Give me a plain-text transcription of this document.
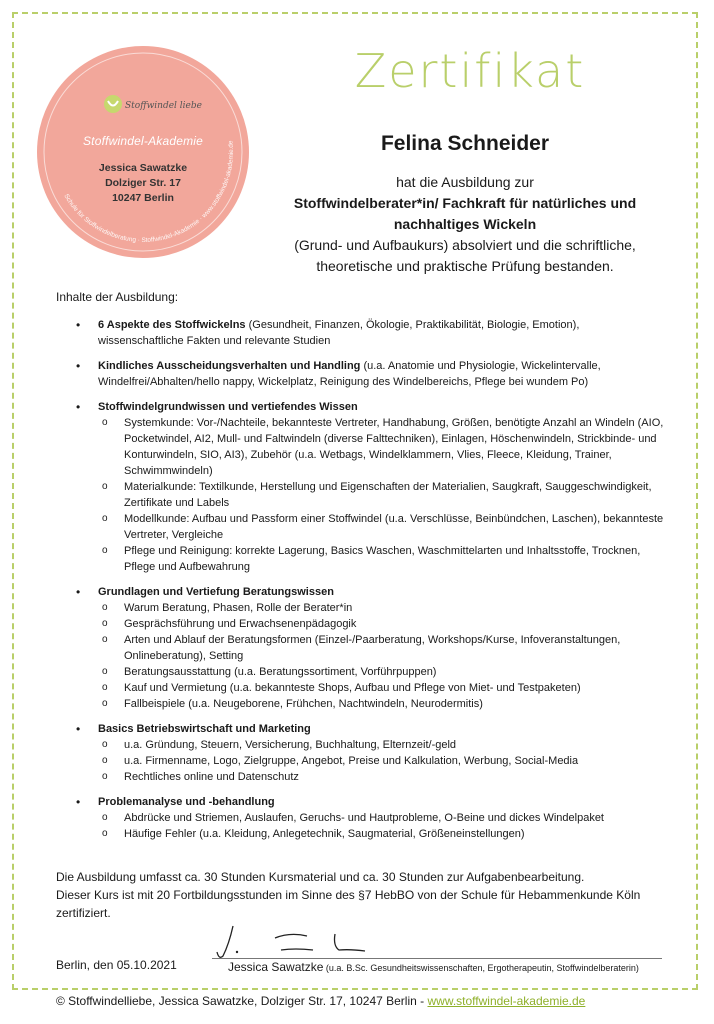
Schule für Stoffwindelberatung · Stoffwindel-Akademie · www.stoffwindel-akademie.de
Stoffwindel liebe
Stoffwindel-Akademie
Jessica Sawatzke
Dolziger Str. 17
10247 Berlin
Zertifikat
Felina Schneider
hat die Ausbildung zur
Stoffwindelberater*in/ Fachkraft für natürliches und nachhaltiges Wickeln
(Grund- und Aufbaukurs) absolviert und die schriftliche, theoretische und praktische Prüfung bestanden.
Inhalte der Ausbildung:
• 6 Aspekte des Stoffwickelns (Gesundheit, Finanzen, Ökologie, Praktikabilität, Biologie, Emotion), wissenschaftliche Fakten und relevante Studien
• Kindliches Ausscheidungsverhalten und Handling (u.a. Anatomie und Physiologie, Wickelintervalle, Windelfrei/Abhalten/hello nappy, Wickelplatz, Reinigung des Windelbereichs, Pflege bei wundem Po)
• Stoffwindelgrundwissen und vertiefendes Wissen
o Systemkunde: Vor-/Nachteile, bekannteste Vertreter, Handhabung, Größen, benötigte Anzahl an Windeln (AIO, Pocketwindel, AI2, Mull- und Faltwindeln (diverse Falttechniken), Einlagen, Höschenwindeln, Strickbinde- und Konturwindeln, SIO, AI3), Zubehör (u.a. Wetbags, Windelklammern, Vlies, Fleece, Kleidung, Trainer, Schwimmwindeln)
o Materialkunde: Textilkunde, Herstellung und Eigenschaften der Materialien, Saugkraft, Sauggeschwindigkeit, Zertifikate und Labels
o Modellkunde: Aufbau und Passform einer Stoffwindel (u.a. Verschlüsse, Beinbündchen, Laschen), bekannteste Vertreter, Vergleiche
o Pflege und Reinigung: korrekte Lagerung, Basics Waschen, Waschmittelarten und Inhaltsstoffe, Trocknen, Pflege und Aufbewahrung
• Grundlagen und Vertiefung Beratungswissen
o Warum Beratung, Phasen, Rolle der Berater*in
o Gesprächsführung und Erwachsenenpädagogik
o Arten und Ablauf der Beratungsformen (Einzel-/Paarberatung, Workshops/Kurse, Infoveranstaltungen, Onlineberatung), Setting
o Beratungsausstattung (u.a. Beratungssortiment, Vorführpuppen)
o Kauf und Vermietung (u.a. bekannteste Shops, Aufbau und Pflege von Miet- und Testpaketen)
o Fallbeispiele (u.a. Neugeborene, Frühchen, Nachtwindeln, Neurodermitis)
• Basics Betriebswirtschaft und Marketing
o u.a. Gründung, Steuern, Versicherung, Buchhaltung, Elternzeit/-geld
o u.a. Firmenname, Logo, Zielgruppe, Angebot, Preise und Kalkulation, Werbung, Social-Media
o Rechtliches online und Datenschutz
• Problemanalyse und -behandlung
o Abdrücke und Striemen, Auslaufen, Geruchs- und Hautprobleme, O-Beine und dickes Windelpaket
o Häufige Fehler (u.a. Kleidung, Anlegetechnik, Saugmaterial, Größeneinstellungen)
Die Ausbildung umfasst ca. 30 Stunden Kursmaterial und ca. 30 Stunden zur Aufgabenbearbeitung.
Dieser Kurs ist mit 20 Fortbildungsstunden im Sinne des §7 HebBO von der Schule für Hebammenkunde Köln zertifiziert.
Berlin, den 05.10.2021	Jessica Sawatzke (u.a. B.Sc. Gesundheitswissenschaften, Ergotherapeutin, Stoffwindelberaterin)
© Stoffwindelliebe, Jessica Sawatzke, Dolziger Str. 17, 10247 Berlin - www.stoffwindel-akademie.de
